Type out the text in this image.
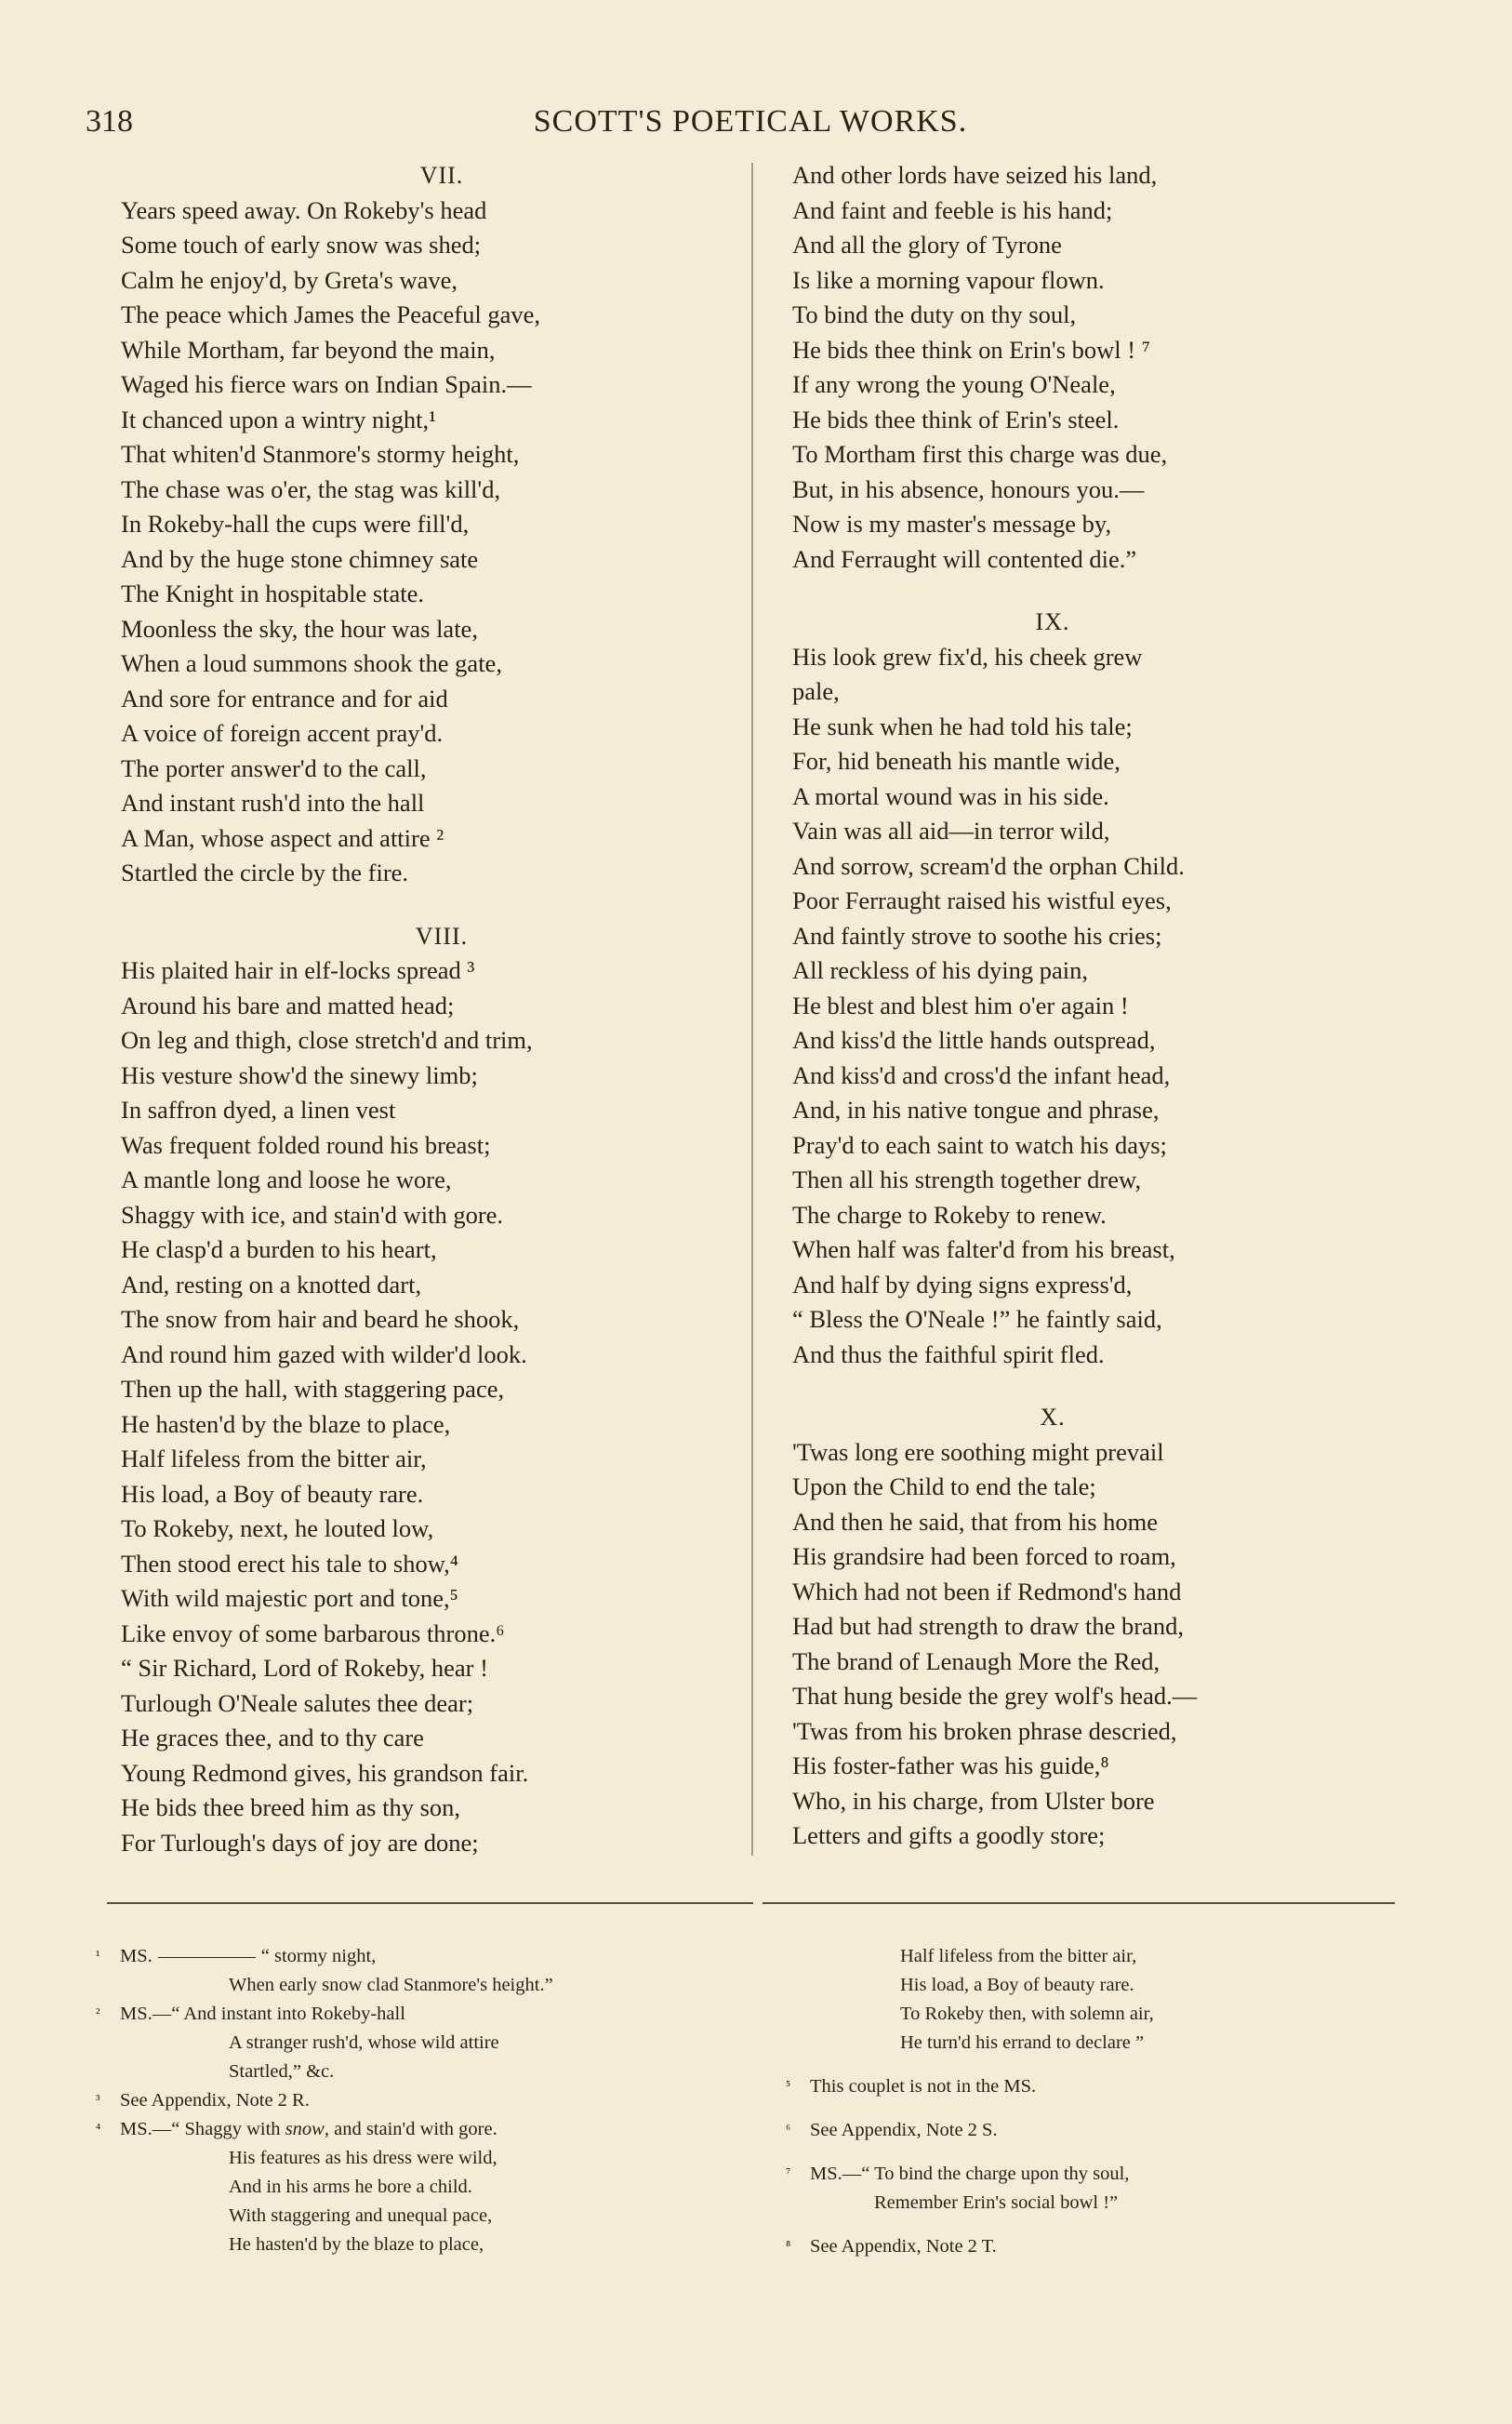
318	SCOTT'S POETICAL WORKS.
VII.
Years speed away. On Rokeby's head
Some touch of early snow was shed;
Calm he enjoy'd, by Greta's wave,
The peace which James the Peaceful gave,
While Mortham, far beyond the main,
Waged his fierce wars on Indian Spain.—
It chanced upon a wintry night,¹
That whiten'd Stanmore's stormy height,
The chase was o'er, the stag was kill'd,
In Rokeby-hall the cups were fill'd,
And by the huge stone chimney sate
The Knight in hospitable state.
Moonless the sky, the hour was late,
When a loud summons shook the gate,
And sore for entrance and for aid
A voice of foreign accent pray'd.
The porter answer'd to the call,
And instant rush'd into the hall
A Man, whose aspect and attire ²
Startled the circle by the fire.
VIII.
His plaited hair in elf-locks spread ³
Around his bare and matted head;
On leg and thigh, close stretch'd and trim,
His vesture show'd the sinewy limb;
In saffron dyed, a linen vest
Was frequent folded round his breast;
A mantle long and loose he wore,
Shaggy with ice, and stain'd with gore.
He clasp'd a burden to his heart,
And, resting on a knotted dart,
The snow from hair and beard he shook,
And round him gazed with wilder'd look.
Then up the hall, with staggering pace,
He hasten'd by the blaze to place,
Half lifeless from the bitter air,
His load, a Boy of beauty rare.
To Rokeby, next, he louted low,
Then stood erect his tale to show,⁴
With wild majestic port and tone,⁵
Like envoy of some barbarous throne.⁶
“ Sir Richard, Lord of Rokeby, hear !
Turlough O'Neale salutes thee dear;
He graces thee, and to thy care
Young Redmond gives, his grandson fair.
He bids thee breed him as thy son,
For Turlough's days of joy are done;
And other lords have seized his land,
And faint and feeble is his hand;
And all the glory of Tyrone
Is like a morning vapour flown.
To bind the duty on thy soul,
He bids thee think on Erin's bowl ! ⁷
If any wrong the young O'Neale,
He bids thee think of Erin's steel.
To Mortham first this charge was due,
But, in his absence, honours you.—
Now is my master's message by,
And Ferraught will contented die.”
IX.
His look grew fix'd, his cheek grew
pale,
He sunk when he had told his tale;
For, hid beneath his mantle wide,
A mortal wound was in his side.
Vain was all aid—in terror wild,
And sorrow, scream'd the orphan Child.
Poor Ferraught raised his wistful eyes,
And faintly strove to soothe his cries;
All reckless of his dying pain,
He blest and blest him o'er again !
And kiss'd the little hands outspread,
And kiss'd and cross'd the infant head,
And, in his native tongue and phrase,
Pray'd to each saint to watch his days;
Then all his strength together drew,
The charge to Rokeby to renew.
When half was falter'd from his breast,
And half by dying signs express'd,
“ Bless the O'Neale !” he faintly said,
And thus the faithful spirit fled.
X.
'Twas long ere soothing might prevail
Upon the Child to end the tale;
And then he said, that from his home
His grandsire had been forced to roam,
Which had not been if Redmond's hand
Had but had strength to draw the brand,
The brand of Lenaugh More the Red,
That hung beside the grey wolf's head.—
'Twas from his broken phrase descried,
His foster-father was his guide,⁸
Who, in his charge, from Ulster bore
Letters and gifts a goodly store;
¹ MS.	“ stormy night,
When early snow clad Stanmore's height.”
² MS.—“ And instant into Rokeby-hall
A stranger rush'd, whose wild attire
Startled,” &c.
³ See Appendix, Note 2 R.
⁴ MS.—“ Shaggy with snow, and stain'd with gore.
His features as his dress were wild,
And in his arms he bore a child.
With staggering and unequal pace,
He hasten'd by the blaze to place,
Half lifeless from the bitter air,
His load, a Boy of beauty rare.
To Rokeby then, with solemn air,
He turn'd his errand to declare ”
⁵ This couplet is not in the MS.
⁶ See Appendix, Note 2 S.
⁷ MS.—“ To bind the charge upon thy soul,
Remember Erin's social bowl !”
⁸ See Appendix, Note 2 T.
